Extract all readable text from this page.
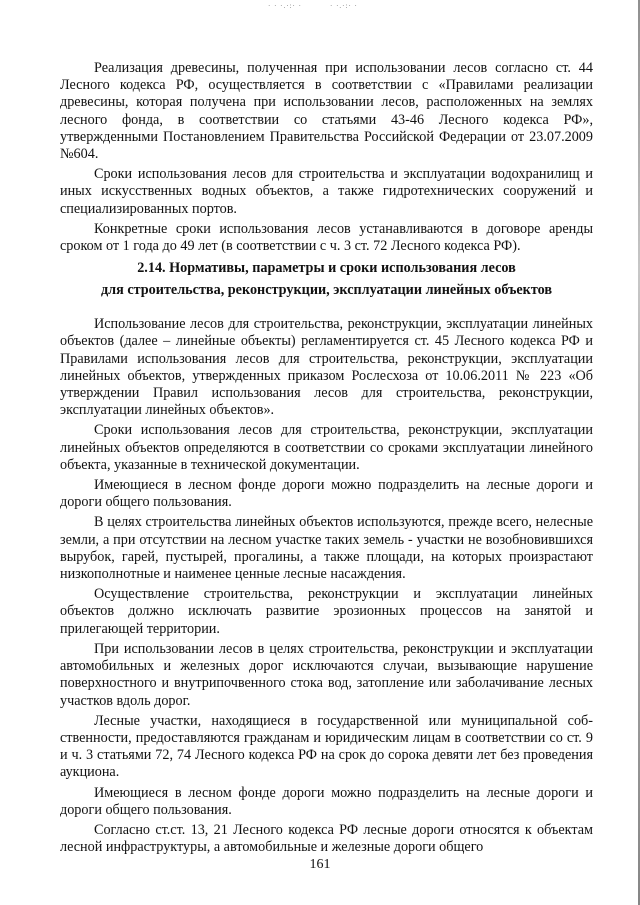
· · ·.·:· ·	· ·.·:· ·

Реализация древесины, полученная при использовании лесов согласно ст. 44 Лесного кодекса РФ, осуществляется в соответствии с «Правилами реализации древесины, которая получена при использовании лесов, расположенных на землях лесного фонда, в соответствии со статьями 43-46 Лесного кодекса РФ», утвержденными Постановлением Правительства Российской Федерации от 23.07.2009 №604.

Сроки использования лесов для строительства и эксплуатации водохранилищ и иных искусственных водных объектов, а также гидротехнических сооружений и специализированных портов.

Конкретные сроки использования лесов устанавливаются в договоре аренды сроком от 1 года до 49 лет (в соответствии с ч. 3 ст. 72 Лесного кодекса РФ).

2.14. Нормативы, параметры и сроки использования лесов
для строительства, реконструкции, эксплуатации линейных объектов

Использование лесов для строительства, реконструкции, эксплуатации линейных объектов (далее – линейные объекты) регламентируется ст. 45 Лесного кодекса РФ и Правилами использования лесов для строительства, реконструкции, эксплуатации линейных объектов, утвержденных приказом Рослесхоза от 10.06.2011 № 223 «Об утверждении Правил использования лесов для строительства, реконструкции, эксплуатации линейных объектов».

Сроки использования лесов для строительства, реконструкции, эксплуатации линейных объектов определяются в соответствии со сроками эксплуатации линейного объекта, указанные в технической документации.

Имеющиеся в лесном фонде дороги можно подразделить на лесные дороги и дороги общего пользования.

В целях строительства линейных объектов используются, прежде всего, нелесные земли, а при отсутствии на лесном участке таких земель - участки не возобновившихся вырубок, гарей, пустырей, прогалины, а также площади, на которых произрастают низкополнотные и наименее ценные лесные насаждения.

Осуществление строительства, реконструкции и эксплуатации линейных объектов должно исключать развитие эрозионных процессов на занятой и прилегающей территории.

При использовании лесов в целях строительства, реконструкции и эксплуатации автомобильных и железных дорог исключаются случаи, вызывающие нарушение поверхностного и внутрипочвенного стока вод, затопление или заболачивание лесных участков вдоль дорог.

Лесные участки, находящиеся в государственной или муниципальной собственности, предоставляются гражданам и юридическим лицам в соответствии со ст. 9 и ч. 3 статьями 72, 74 Лесного кодекса РФ на срок до сорока девяти лет без проведения аукциона.

Имеющиеся в лесном фонде дороги можно подразделить на лесные дороги и дороги общего пользования.

Согласно ст.ст. 13, 21 Лесного кодекса РФ лесные дороги относятся к объектам лесной инфраструктуры, а автомобильные и железные дороги общего

161
